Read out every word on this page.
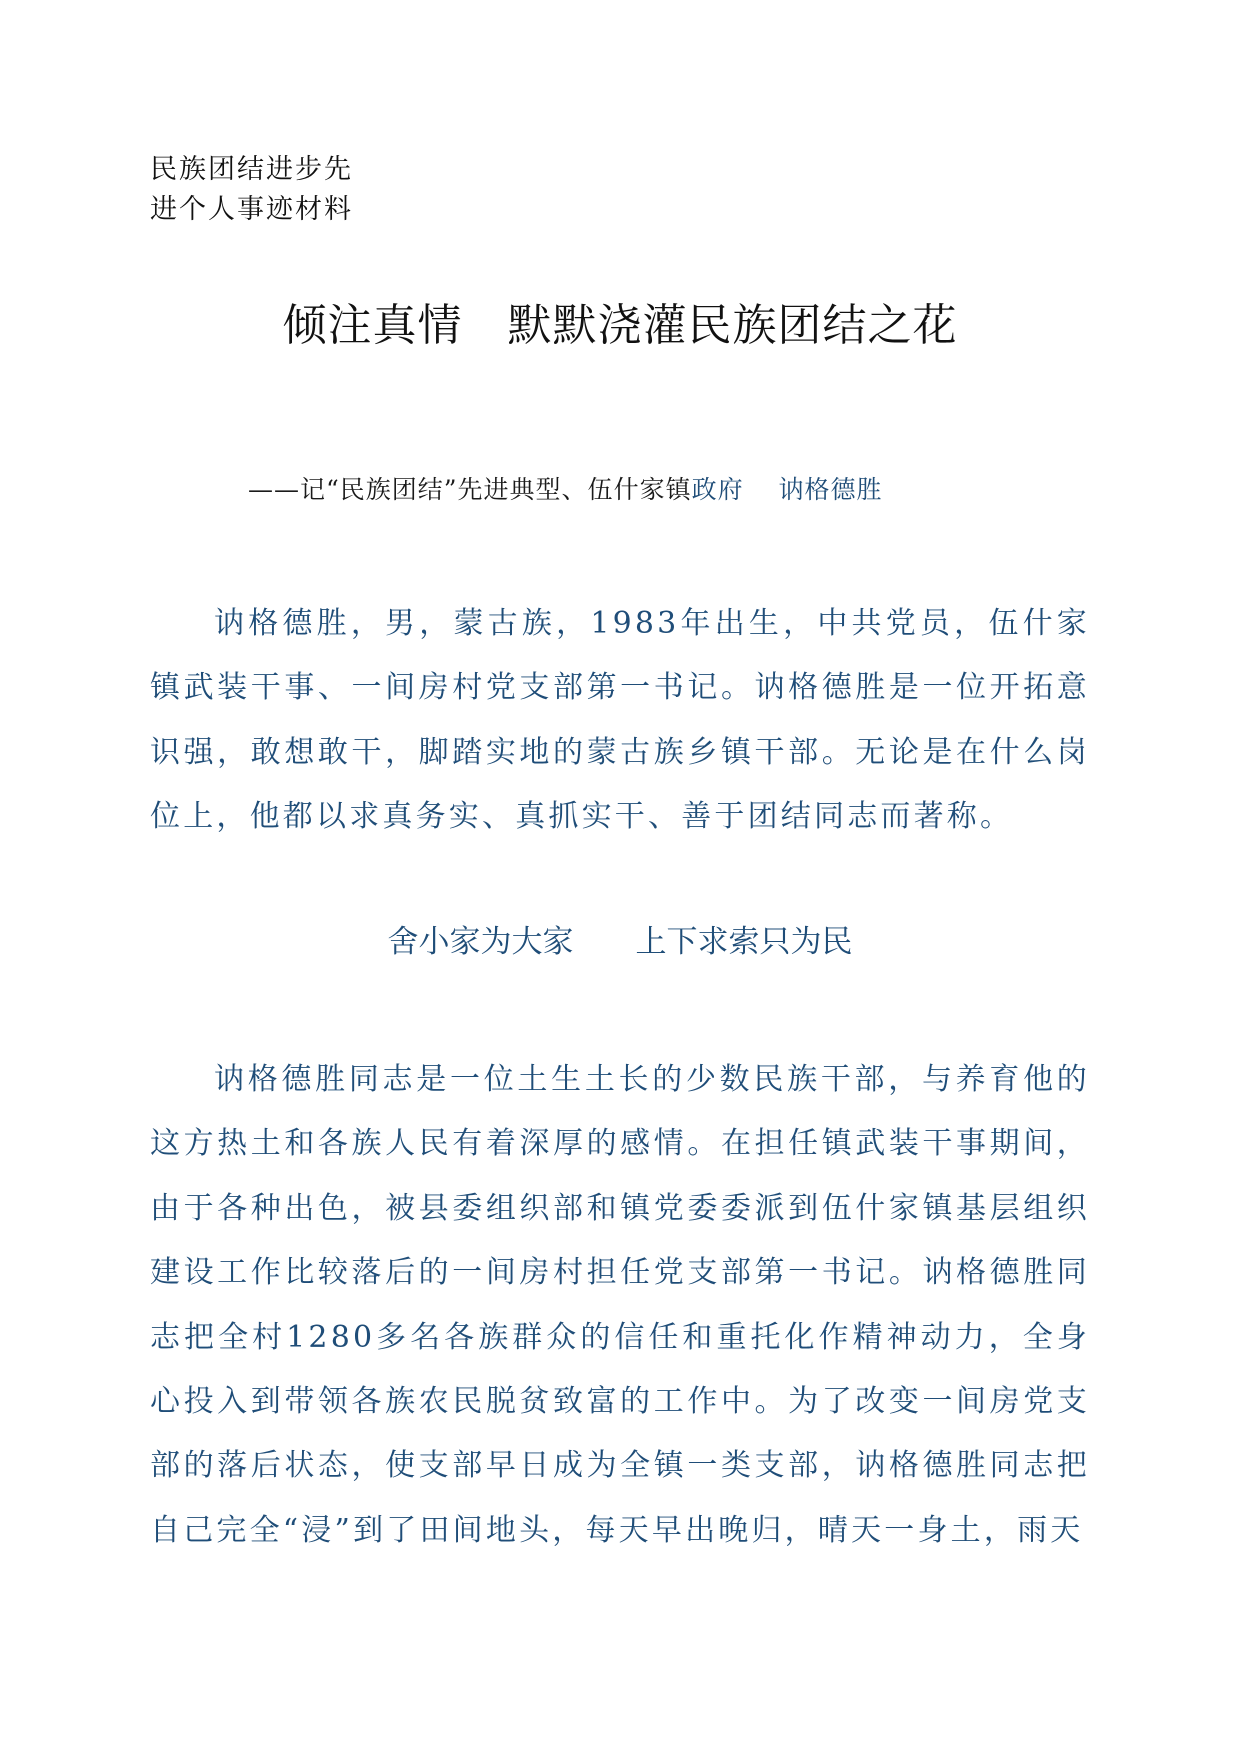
民族团结进步先
进个人事迹材料
倾注真情　默默浇灌民族团结之花
——记“民族团结”先进典型、伍什家镇政府　 讷格德胜

讷格德胜，男，蒙古族，1983年出生，中共党员，伍什家镇武装干事、一间房村党支部第一书记。讷格德胜是一位开拓意识强，敢想敢干，脚踏实地的蒙古族乡镇干部。无论是在什么岗位上，他都以求真务实、真抓实干、善于团结同志而著称。

舍小家为大家　　上下求索只为民

讷格德胜同志是一位土生土长的少数民族干部，与养育他的这方热土和各族人民有着深厚的感情。在担任镇武装干事期间，由于各种出色，被县委组织部和镇党委委派到伍什家镇基层组织建设工作比较落后的一间房村担任党支部第一书记。讷格德胜同志把全村1280多名各族群众的信任和重托化作精神动力，全身心投入到带领各族农民脱贫致富的工作中。为了改变一间房党支部的落后状态，使支部早日成为全镇一类支部，讷格德胜同志把自己完全“浸”到了田间地头，每天早出晚归，晴天一身土，雨天
